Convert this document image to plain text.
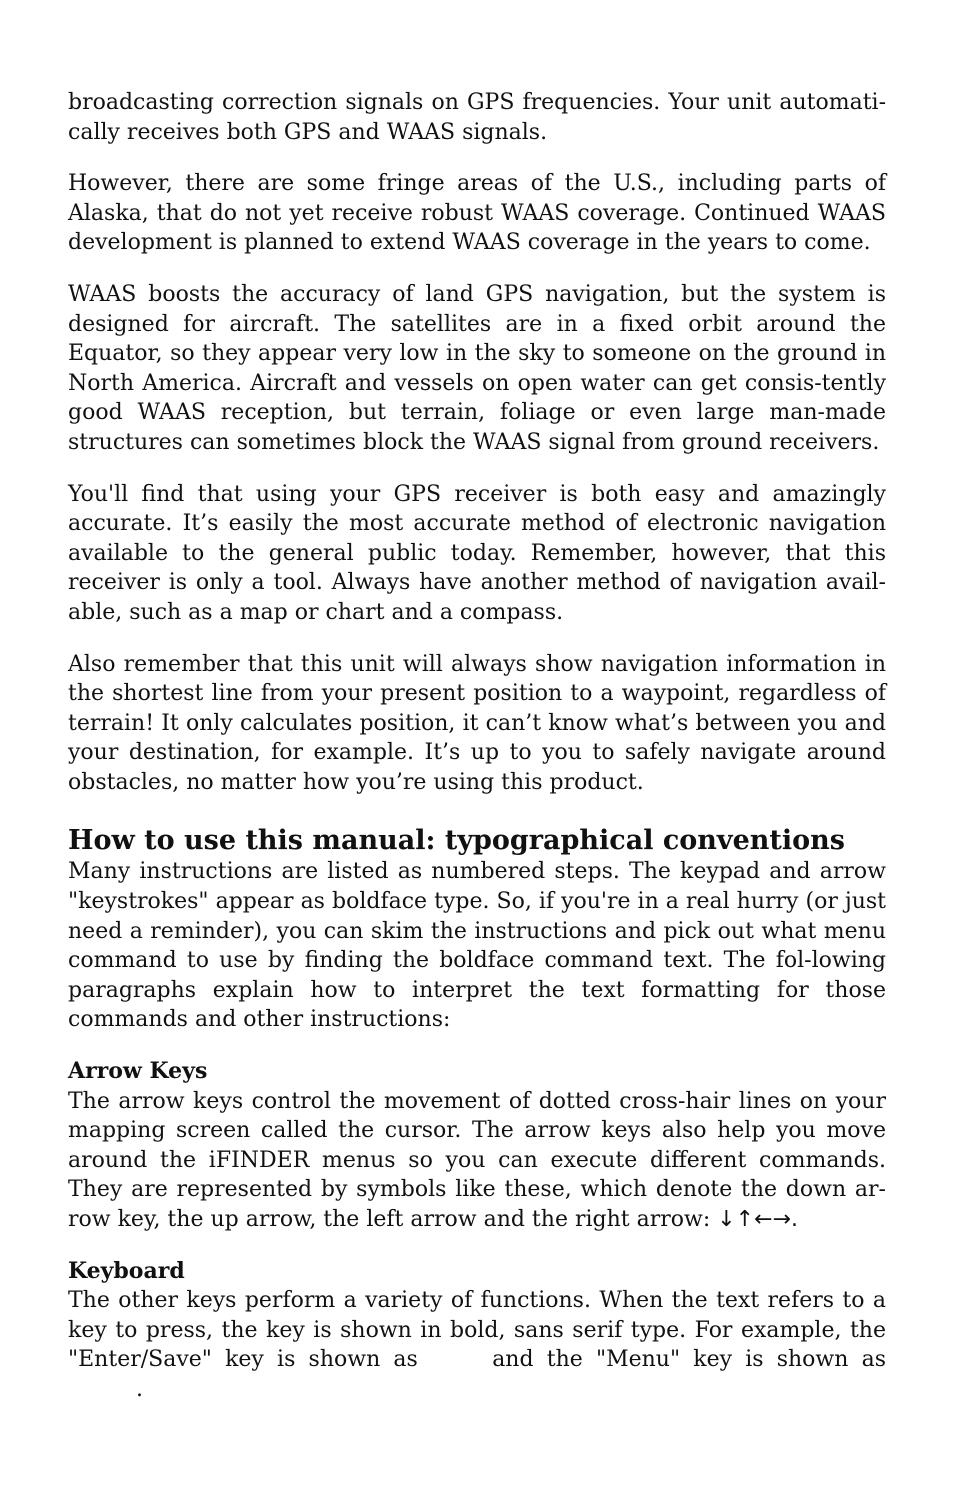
broadcasting correction signals on GPS frequencies. Your unit automati-cally receives both GPS and WAAS signals.

However, there are some fringe areas of the U.S., including parts of Alaska, that do not yet receive robust WAAS coverage. Continued WAAS development is planned to extend WAAS coverage in the years to come.

WAAS boosts the accuracy of land GPS navigation, but the system is designed for aircraft. The satellites are in a fixed orbit around the Equator, so they appear very low in the sky to someone on the ground in North America. Aircraft and vessels on open water can get consis-tently good WAAS reception, but terrain, foliage or even large man-made structures can sometimes block the WAAS signal from ground receivers.

You'll find that using your GPS receiver is both easy and amazingly accurate. It’s easily the most accurate method of electronic navigation available to the general public today. Remember, however, that this receiver is only a tool. Always have another method of navigation avail-able, such as a map or chart and a compass.

Also remember that this unit will always show navigation information in the shortest line from your present position to a waypoint, regardless of terrain! It only calculates position, it can’t know what’s between you and your destination, for example. It’s up to you to safely navigate around obstacles, no matter how you’re using this product.

How to use this manual: typographical conventions

Many instructions are listed as numbered steps. The keypad and arrow "keystrokes" appear as boldface type. So, if you're in a real hurry (or just need a reminder), you can skim the instructions and pick out what menu command to use by finding the boldface command text. The fol-lowing paragraphs explain how to interpret the text formatting for those commands and other instructions:

Arrow Keys

The arrow keys control the movement of dotted cross-hair lines on your mapping screen called the cursor. The arrow keys also help you move around the iFINDER menus so you can execute different commands. They are represented by symbols like these, which denote the down ar-row key, the up arrow, the left arrow and the right arrow: ↓↑←→.

Keyboard

The other keys perform a variety of functions. When the text refers to a key to press, the key is shown in bold, sans serif type. For example, the "Enter/Save" key is shown as  and the "Menu" key is shown as .
